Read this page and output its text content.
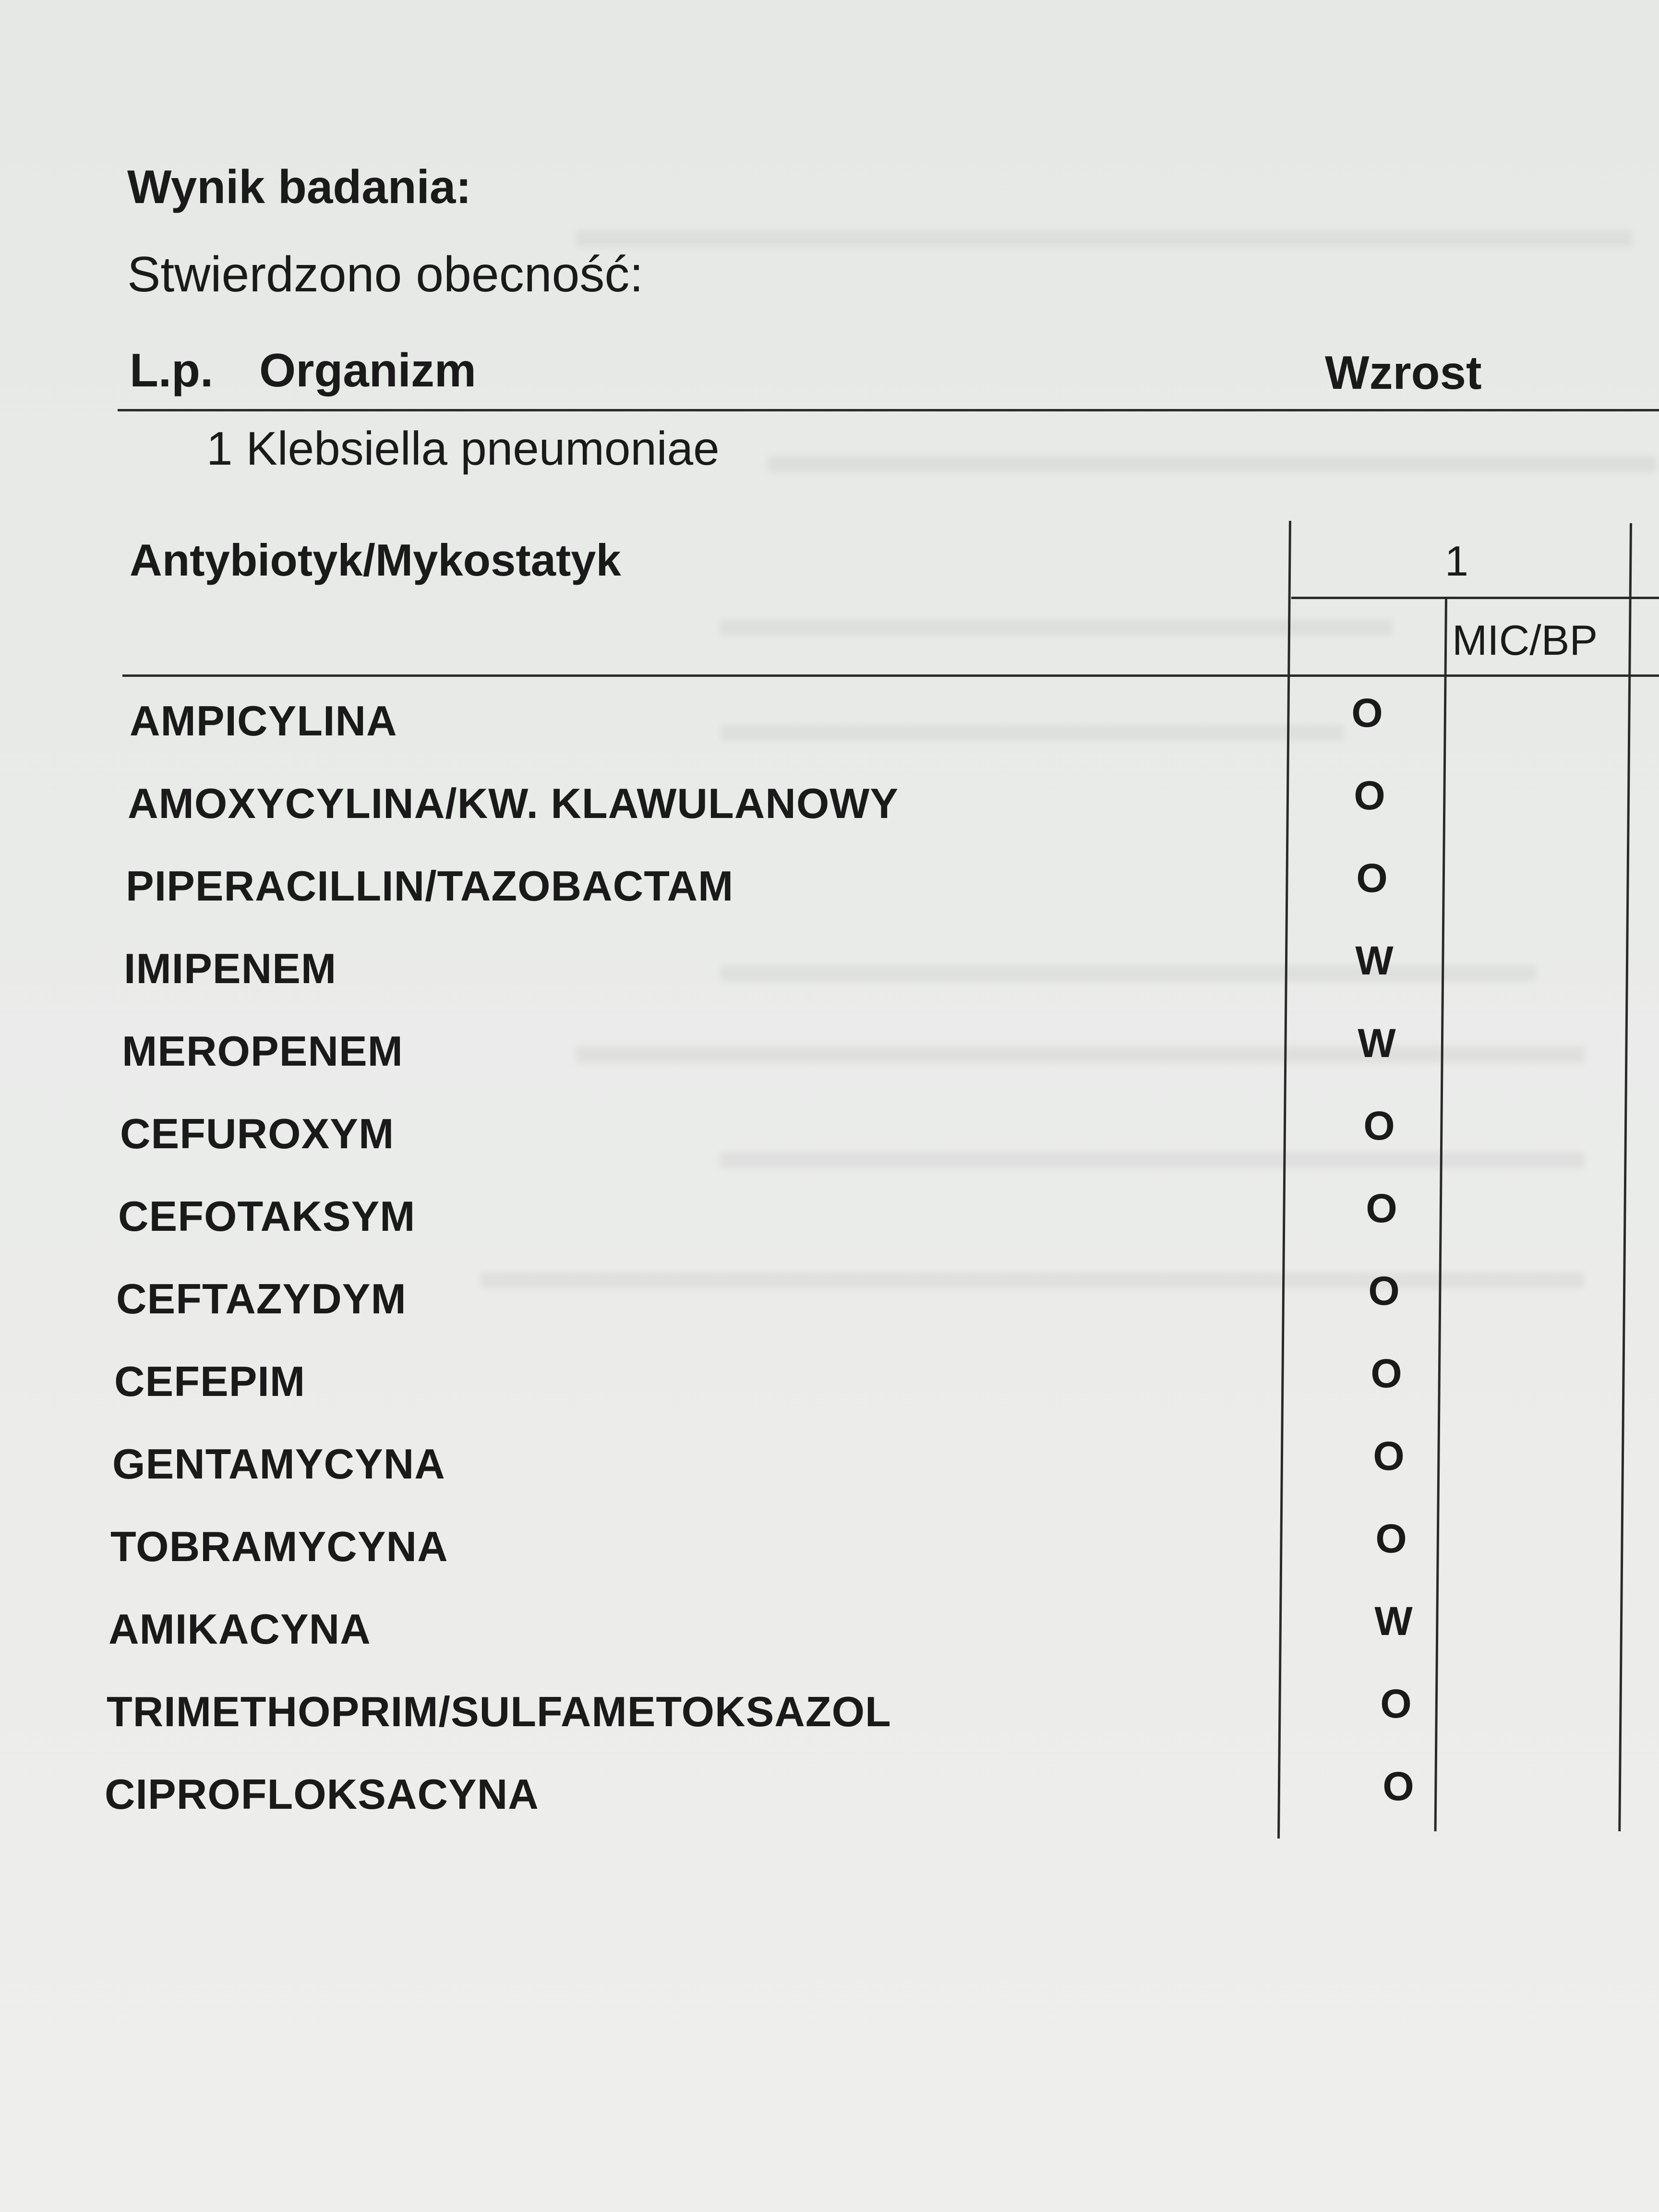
Wynik badania:
Stwierdzono obecność:
L.p. Organizm	Wzrost
1 Klebsiella pneumoniae
Antybiotyk/Mykostatyk	1
MIC/BP
AMPICYLINA	O
AMOXYCYLINA/KW. KLAWULANOWY	O
PIPERACILLIN/TAZOBACTAM	O
IMIPENEM	W
MEROPENEM	W
CEFUROXYM	O
CEFOTAKSYM	O
CEFTAZYDYM	O
CEFEPIM	O
GENTAMYCYNA	O
TOBRAMYCYNA	O
AMIKACYNA	W
TRIMETHOPRIM/SULFAMETOKSAZOL	O
CIPROFLOKSACYNA	O
